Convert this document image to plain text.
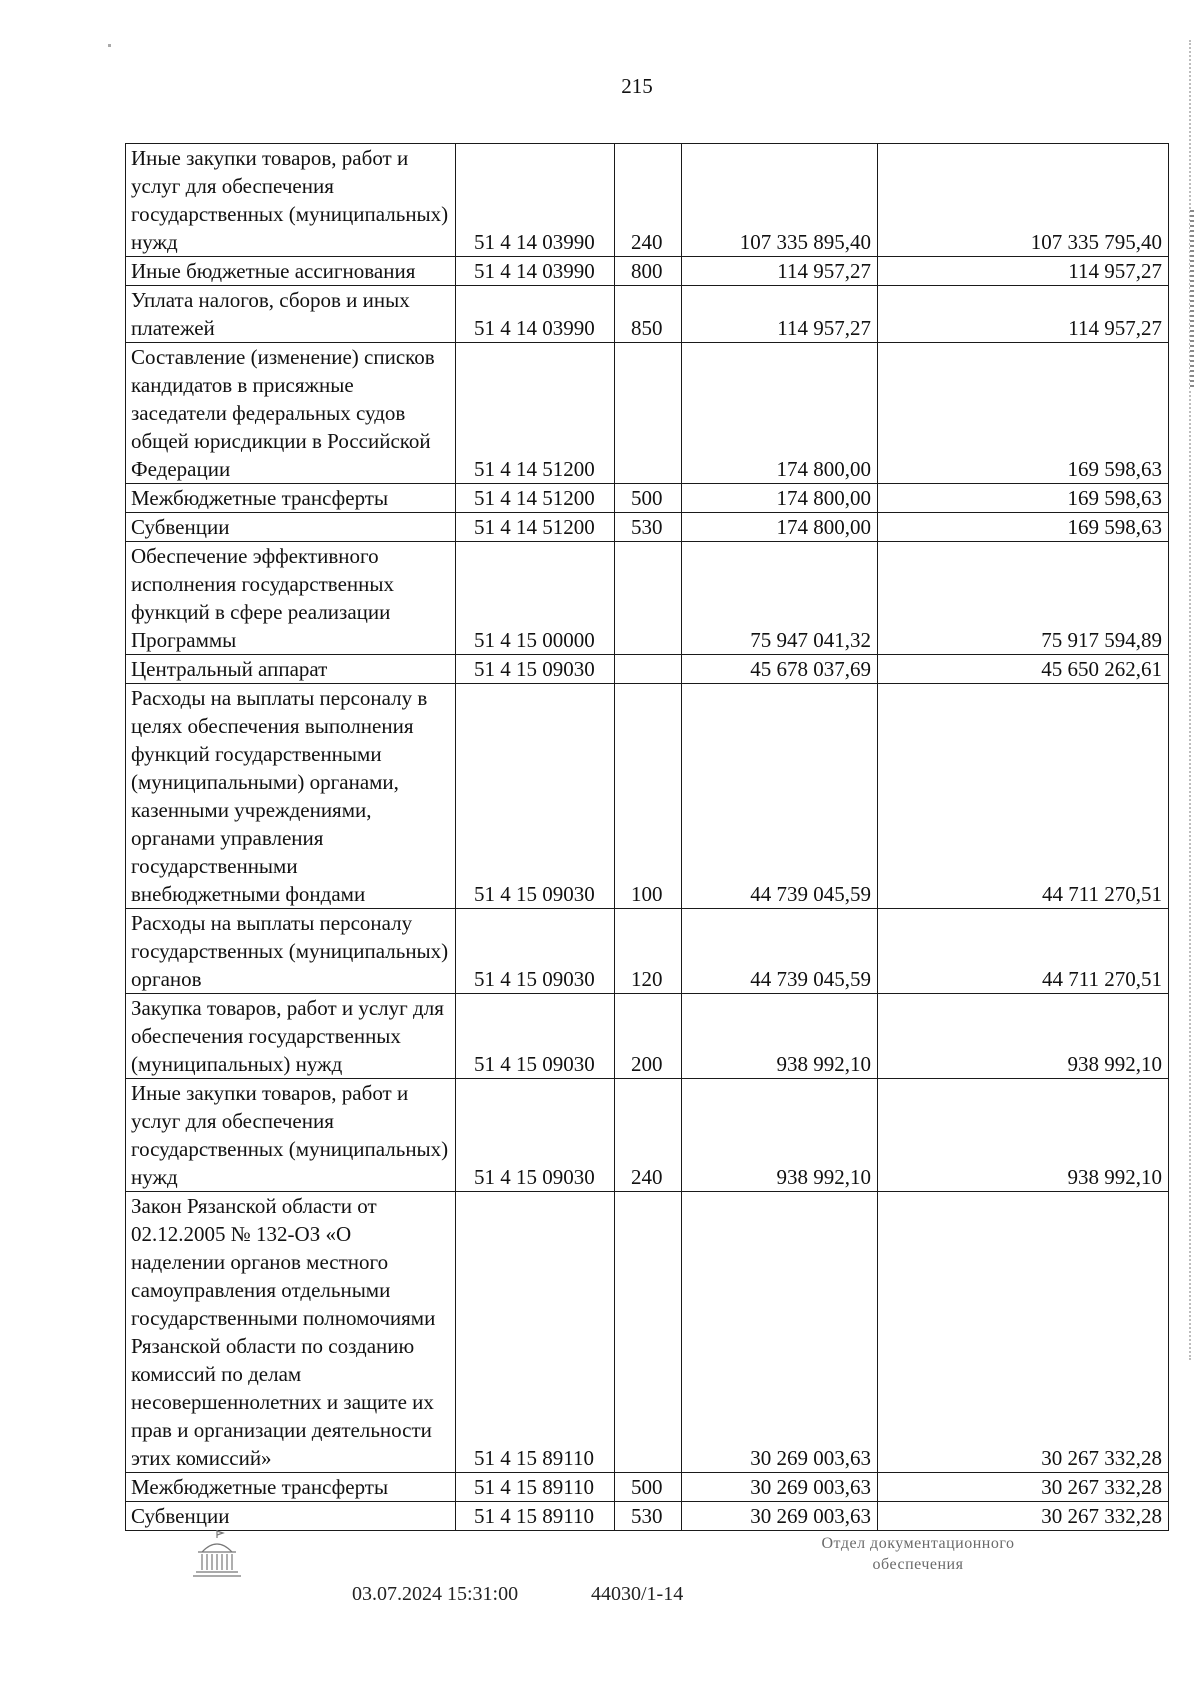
215
Иные закупки товаров, работ и услуг для обеспечения государственных (муниципальных) нужд	51 4 14 03990	240	107 335 895,40	107 335 795,40
Иные бюджетные ассигнования	51 4 14 03990	800	114 957,27	114 957,27
Уплата налогов, сборов и иных платежей	51 4 14 03990	850	114 957,27	114 957,27
Составление (изменение) списков кандидатов в присяжные заседатели федеральных судов общей юрисдикции в Российской Федерации	51 4 14 51200		174 800,00	169 598,63
Межбюджетные трансферты	51 4 14 51200	500	174 800,00	169 598,63
Субвенции	51 4 14 51200	530	174 800,00	169 598,63
Обеспечение эффективного исполнения государственных функций в сфере реализации Программы	51 4 15 00000		75 947 041,32	75 917 594,89
Центральный аппарат	51 4 15 09030		45 678 037,69	45 650 262,61
Расходы на выплаты персоналу в целях обеспечения выполнения функций государственными (муниципальными) органами, казенными учреждениями, органами управления государственными внебюджетными фондами	51 4 15 09030	100	44 739 045,59	44 711 270,51
Расходы на выплаты персоналу государственных (муниципальных) органов	51 4 15 09030	120	44 739 045,59	44 711 270,51
Закупка товаров, работ и услуг для обеспечения государственных (муниципальных) нужд	51 4 15 09030	200	938 992,10	938 992,10
Иные закупки товаров, работ и услуг для обеспечения государственных (муниципальных) нужд	51 4 15 09030	240	938 992,10	938 992,10
Закон Рязанской области от 02.12.2005 № 132-ОЗ «О наделении органов местного самоуправления отдельными государственными полномочиями Рязанской области по созданию комиссий по делам несовершеннолетних и защите их прав и организации деятельности этих комиссий»	51 4 15 89110		30 269 003,63	30 267 332,28
Межбюджетные трансферты	51 4 15 89110	500	30 269 003,63	30 267 332,28
Субвенции	51 4 15 89110	530	30 269 003,63	30 267 332,28
03.07.2024 15:31:00	44030/1-14
Отдел документационного
обеспечения
